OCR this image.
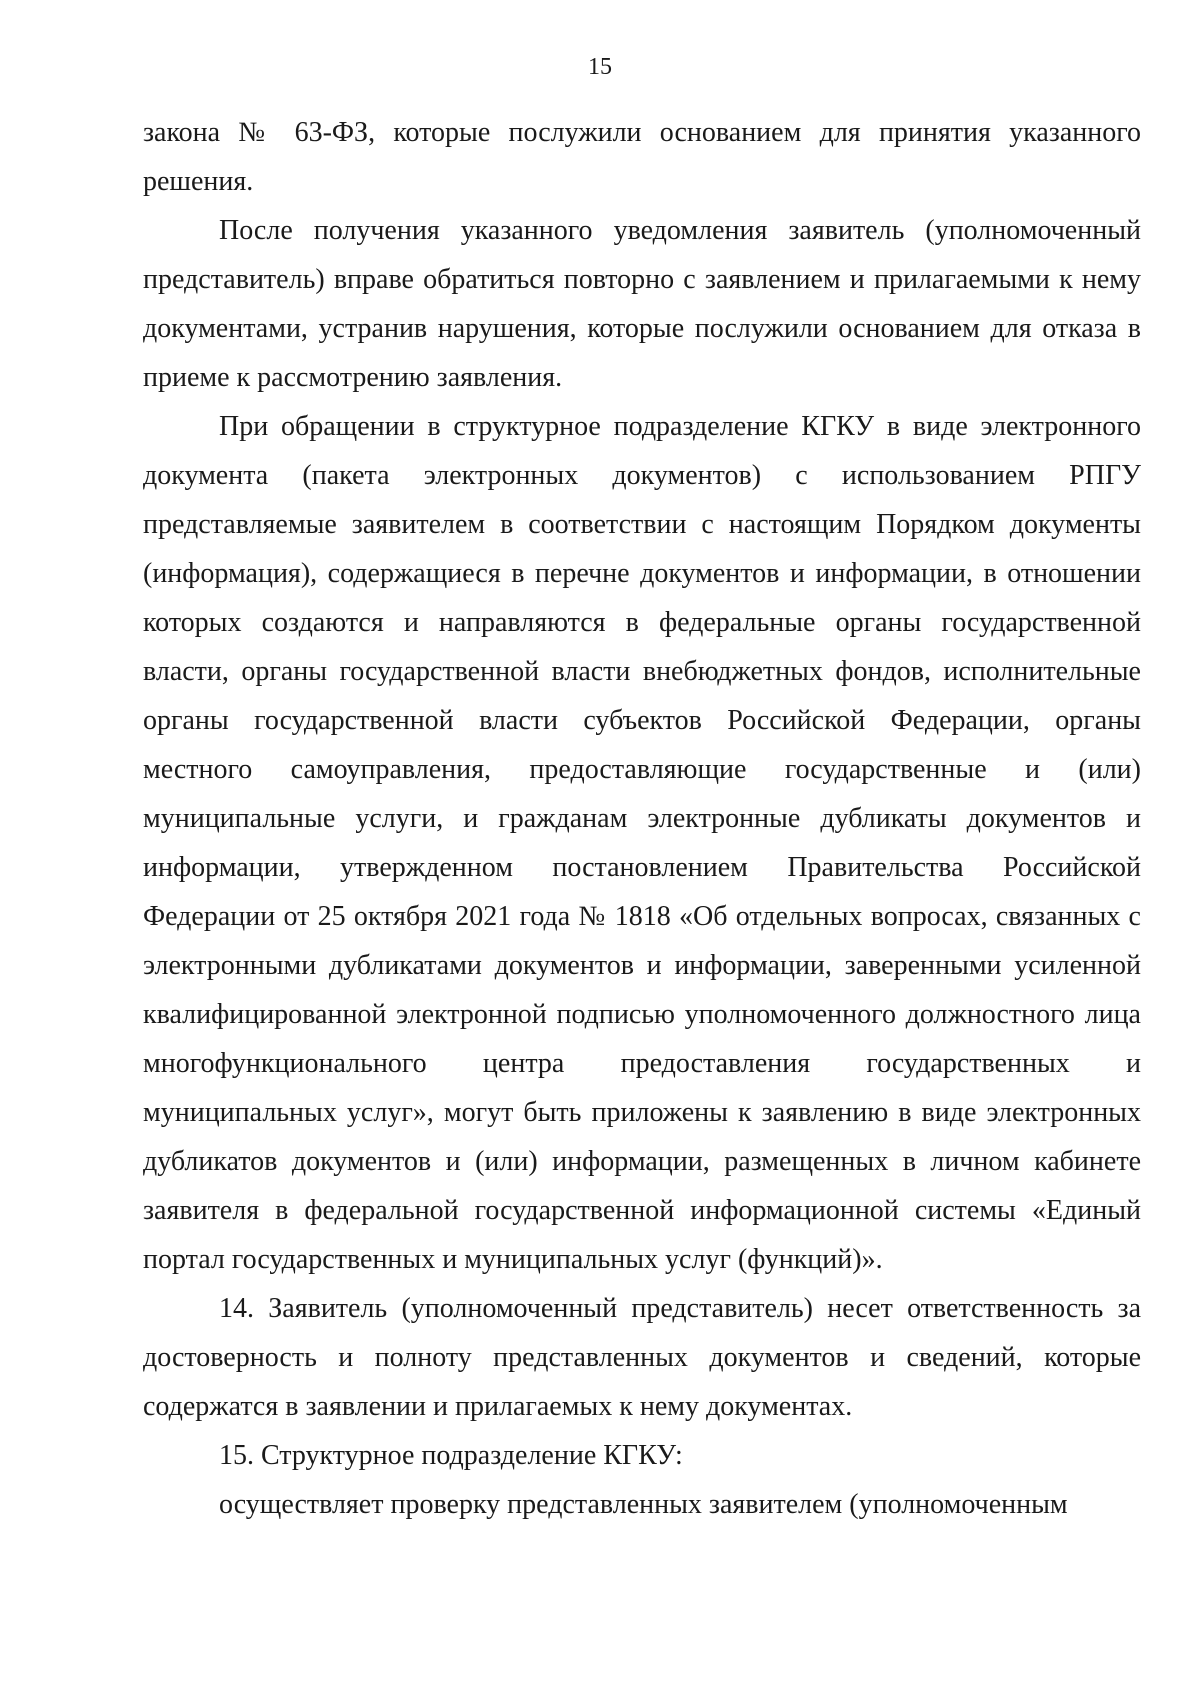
15

закона № 63-ФЗ, которые послужили основанием для принятия указанного решения.

После получения указанного уведомления заявитель (уполномоченный представитель) вправе обратиться повторно с заявлением и прилагаемыми к нему документами, устранив нарушения, которые послужили основанием для отказа в приеме к рассмотрению заявления.

При обращении в структурное подразделение КГКУ в виде электронного документа (пакета электронных документов) с использованием РПГУ представляемые заявителем в соответствии с настоящим Порядком документы (информация), содержащиеся в перечне документов и информации, в отношении которых создаются и направляются в федеральные органы государственной власти, органы государственной власти внебюджетных фондов, исполнительные органы государственной власти субъектов Российской Федерации, органы местного самоуправления, предоставляющие государственные и (или) муниципальные услуги, и гражданам электронные дубликаты документов и информации, утвержденном постановлением Правительства Российской Федерации от 25 октября 2021 года № 1818 «Об отдельных вопросах, связанных с электронными дубликатами документов и информации, заверенными усиленной квалифицированной электронной подписью уполномоченного должностного лица многофункционального центра предоставления государственных и муниципальных услуг», могут быть приложены к заявлению в виде электронных дубликатов документов и (или) информации, размещенных в личном кабинете заявителя в федеральной государственной информационной системы «Единый портал государственных и муниципальных услуг (функций)».

14. Заявитель (уполномоченный представитель) несет ответственность за достоверность и полноту представленных документов и сведений, которые содержатся в заявлении и прилагаемых к нему документах.

15. Структурное подразделение КГКУ:

осуществляет проверку представленных заявителем (уполномоченным
